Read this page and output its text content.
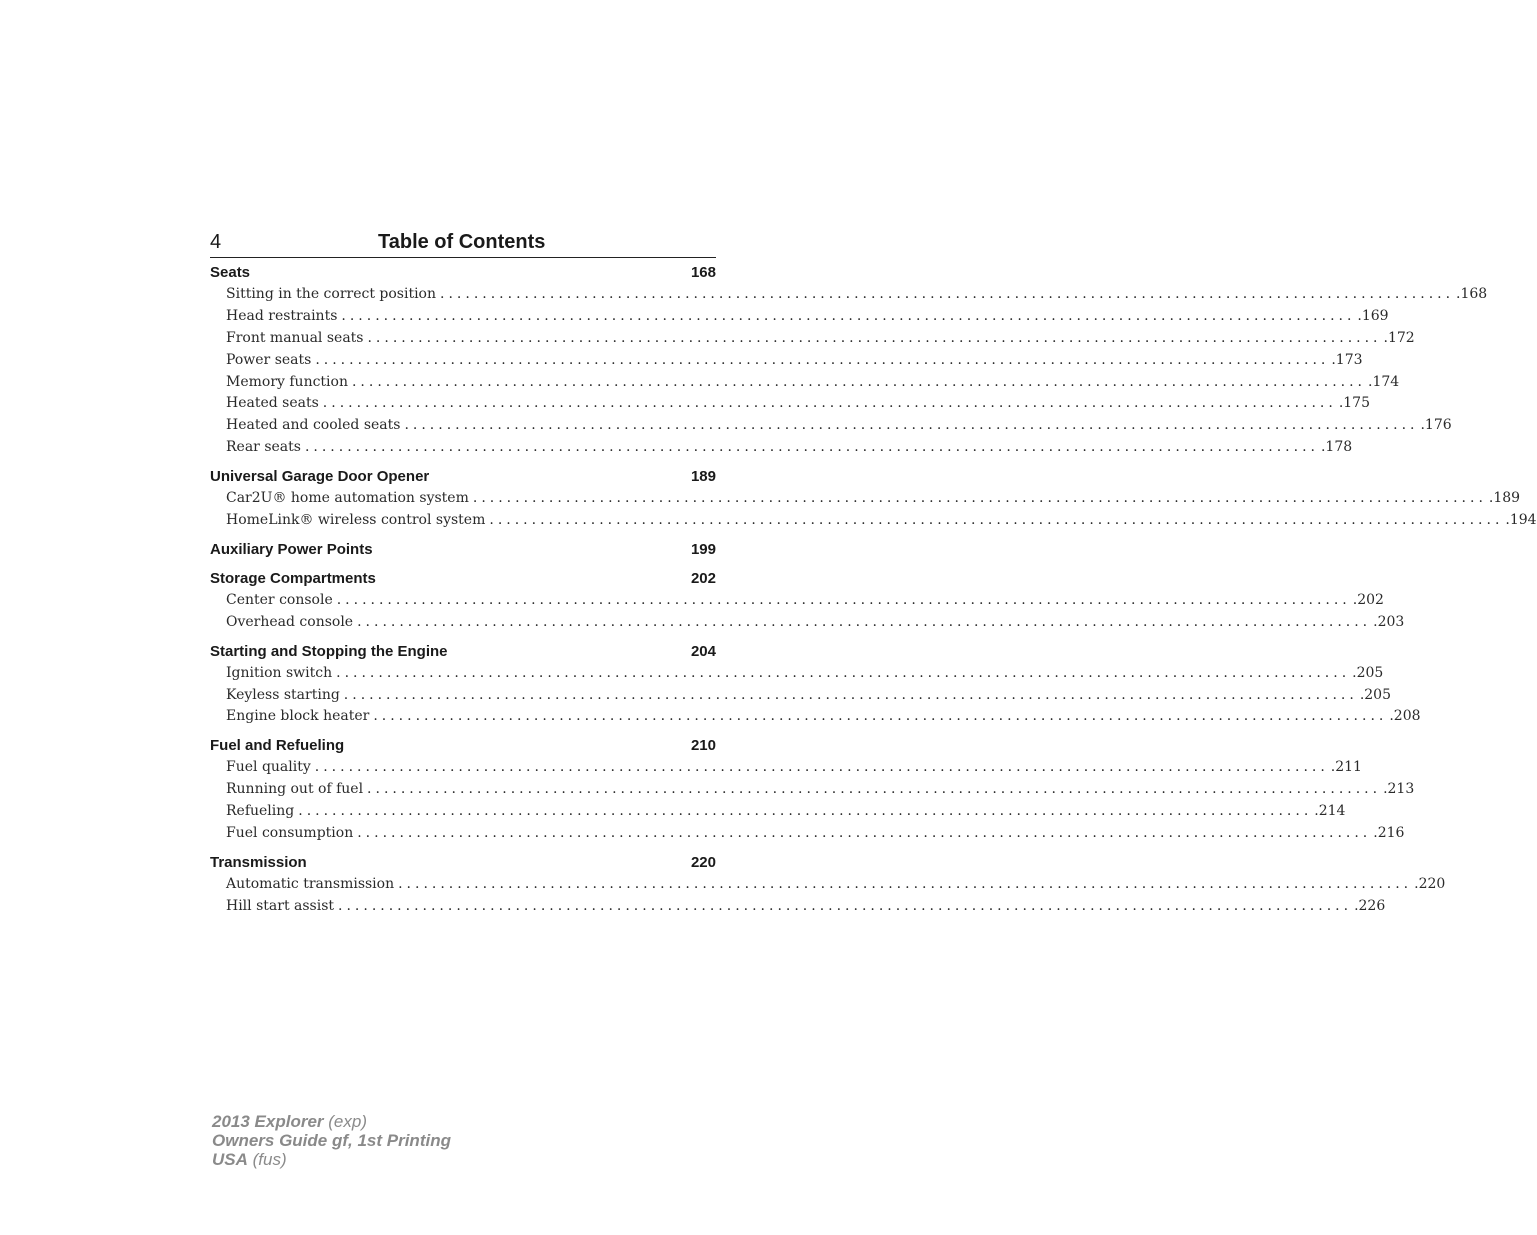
4	Table of Contents
Seats	168
Sitting in the correct position ........................................................................................................................ .168
Head restraints ........................................................................................................................ .169
Front manual seats ........................................................................................................................ .172
Power seats ........................................................................................................................ .173
Memory function ........................................................................................................................ .174
Heated seats ........................................................................................................................ .175
Heated and cooled seats ........................................................................................................................ .176
Rear seats ........................................................................................................................ .178
Universal Garage Door Opener	189
Car2U® home automation system ........................................................................................................................ .189
HomeLink® wireless control system ........................................................................................................................ .194
Auxiliary Power Points	199
Storage Compartments	202
Center console ........................................................................................................................ .202
Overhead console ........................................................................................................................ .203
Starting and Stopping the Engine	204
Ignition switch ........................................................................................................................ .205
Keyless starting ........................................................................................................................ .205
Engine block heater ........................................................................................................................ .208
Fuel and Refueling	210
Fuel quality ........................................................................................................................ .211
Running out of fuel ........................................................................................................................ .213
Refueling ........................................................................................................................ .214
Fuel consumption ........................................................................................................................ .216
Transmission	220
Automatic transmission ........................................................................................................................ .220
Hill start assist ........................................................................................................................ .226
2013 Explorer (exp)
Owners Guide gf, 1st Printing
USA (fus)
